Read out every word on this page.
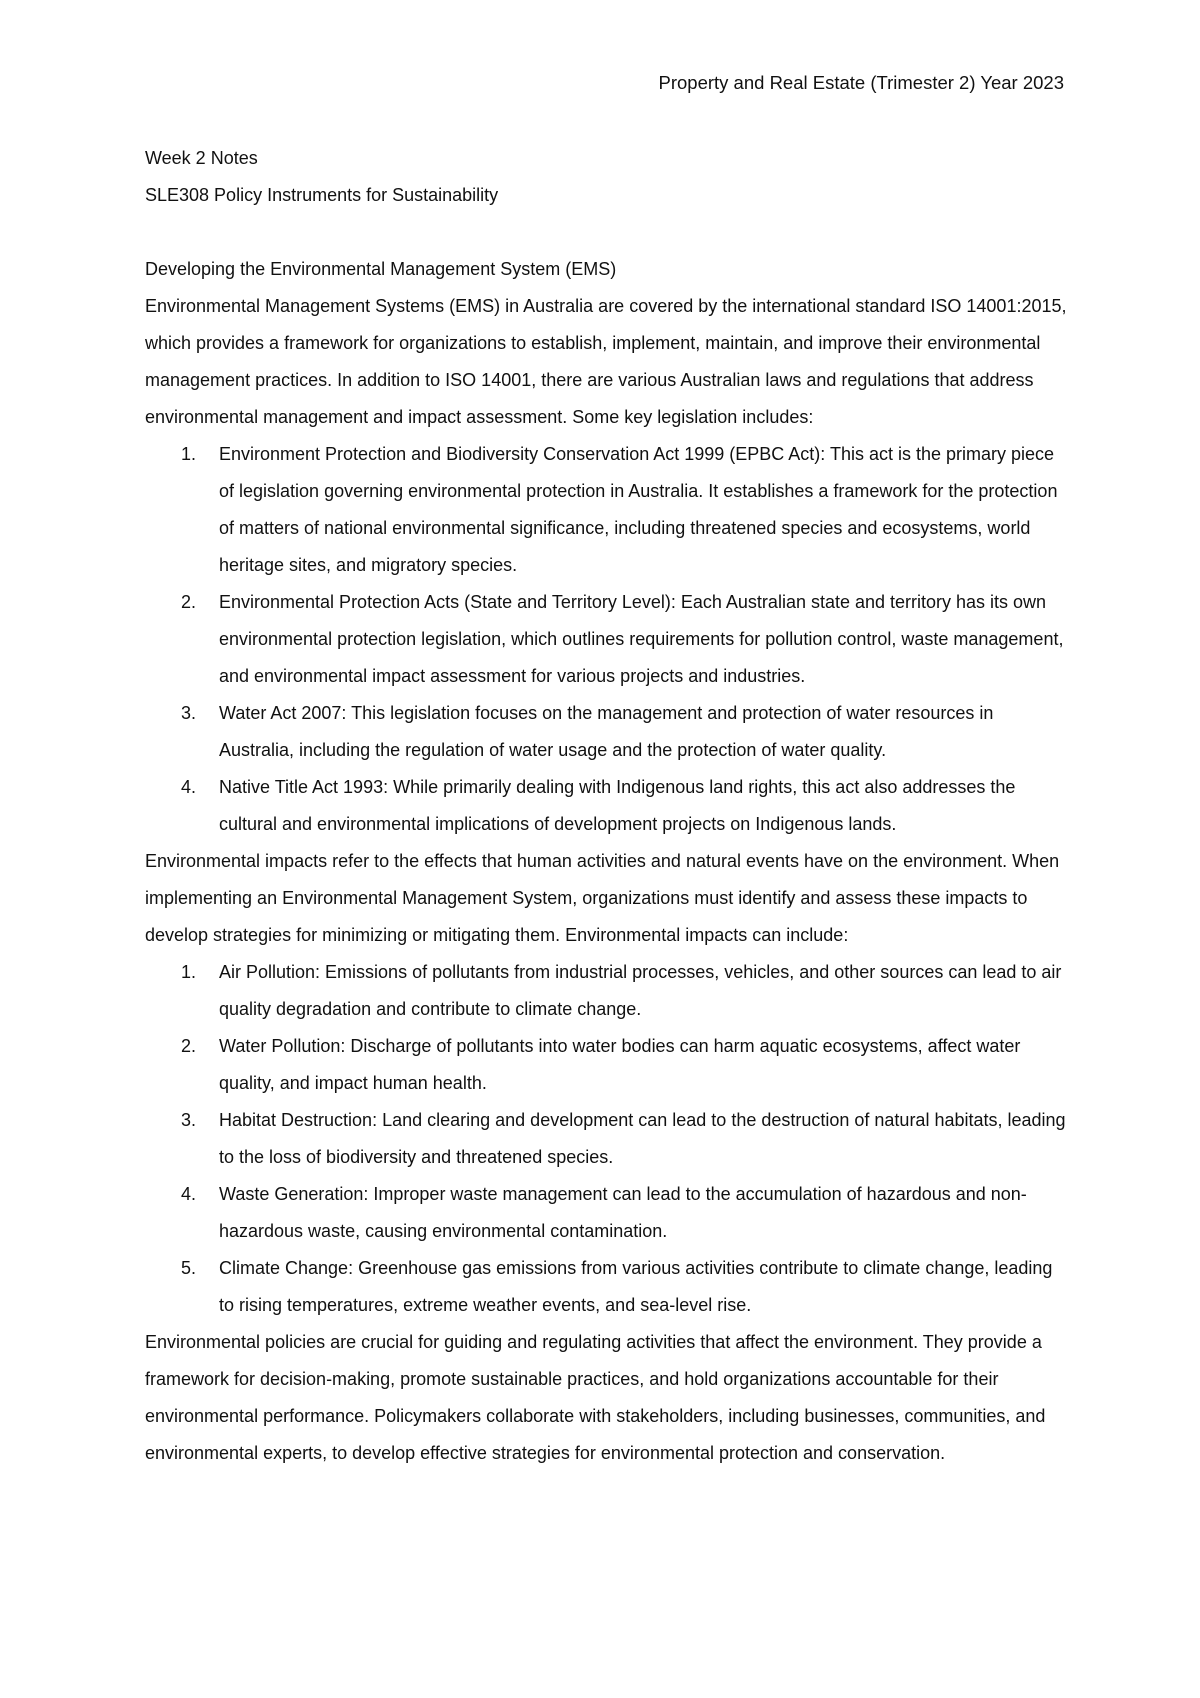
Property and Real Estate (Trimester 2) Year 2023

Week 2 Notes

SLE308 Policy Instruments for Sustainability

Developing the Environmental Management System (EMS)

Environmental Management Systems (EMS) in Australia are covered by the international standard ISO 14001:2015, which provides a framework for organizations to establish, implement, maintain, and improve their environmental management practices. In addition to ISO 14001, there are various Australian laws and regulations that address environmental management and impact assessment. Some key legislation includes:

1. Environment Protection and Biodiversity Conservation Act 1999 (EPBC Act): This act is the primary piece of legislation governing environmental protection in Australia. It establishes a framework for the protection of matters of national environmental significance, including threatened species and ecosystems, world heritage sites, and migratory species.
2. Environmental Protection Acts (State and Territory Level): Each Australian state and territory has its own environmental protection legislation, which outlines requirements for pollution control, waste management, and environmental impact assessment for various projects and industries.
3. Water Act 2007: This legislation focuses on the management and protection of water resources in Australia, including the regulation of water usage and the protection of water quality.
4. Native Title Act 1993: While primarily dealing with Indigenous land rights, this act also addresses the cultural and environmental implications of development projects on Indigenous lands.

Environmental impacts refer to the effects that human activities and natural events have on the environment. When implementing an Environmental Management System, organizations must identify and assess these impacts to develop strategies for minimizing or mitigating them. Environmental impacts can include:

1. Air Pollution: Emissions of pollutants from industrial processes, vehicles, and other sources can lead to air quality degradation and contribute to climate change.
2. Water Pollution: Discharge of pollutants into water bodies can harm aquatic ecosystems, affect water quality, and impact human health.
3. Habitat Destruction: Land clearing and development can lead to the destruction of natural habitats, leading to the loss of biodiversity and threatened species.
4. Waste Generation: Improper waste management can lead to the accumulation of hazardous and non-hazardous waste, causing environmental contamination.
5. Climate Change: Greenhouse gas emissions from various activities contribute to climate change, leading to rising temperatures, extreme weather events, and sea-level rise.

Environmental policies are crucial for guiding and regulating activities that affect the environment. They provide a framework for decision-making, promote sustainable practices, and hold organizations accountable for their environmental performance. Policymakers collaborate with stakeholders, including businesses, communities, and environmental experts, to develop effective strategies for environmental protection and conservation.
